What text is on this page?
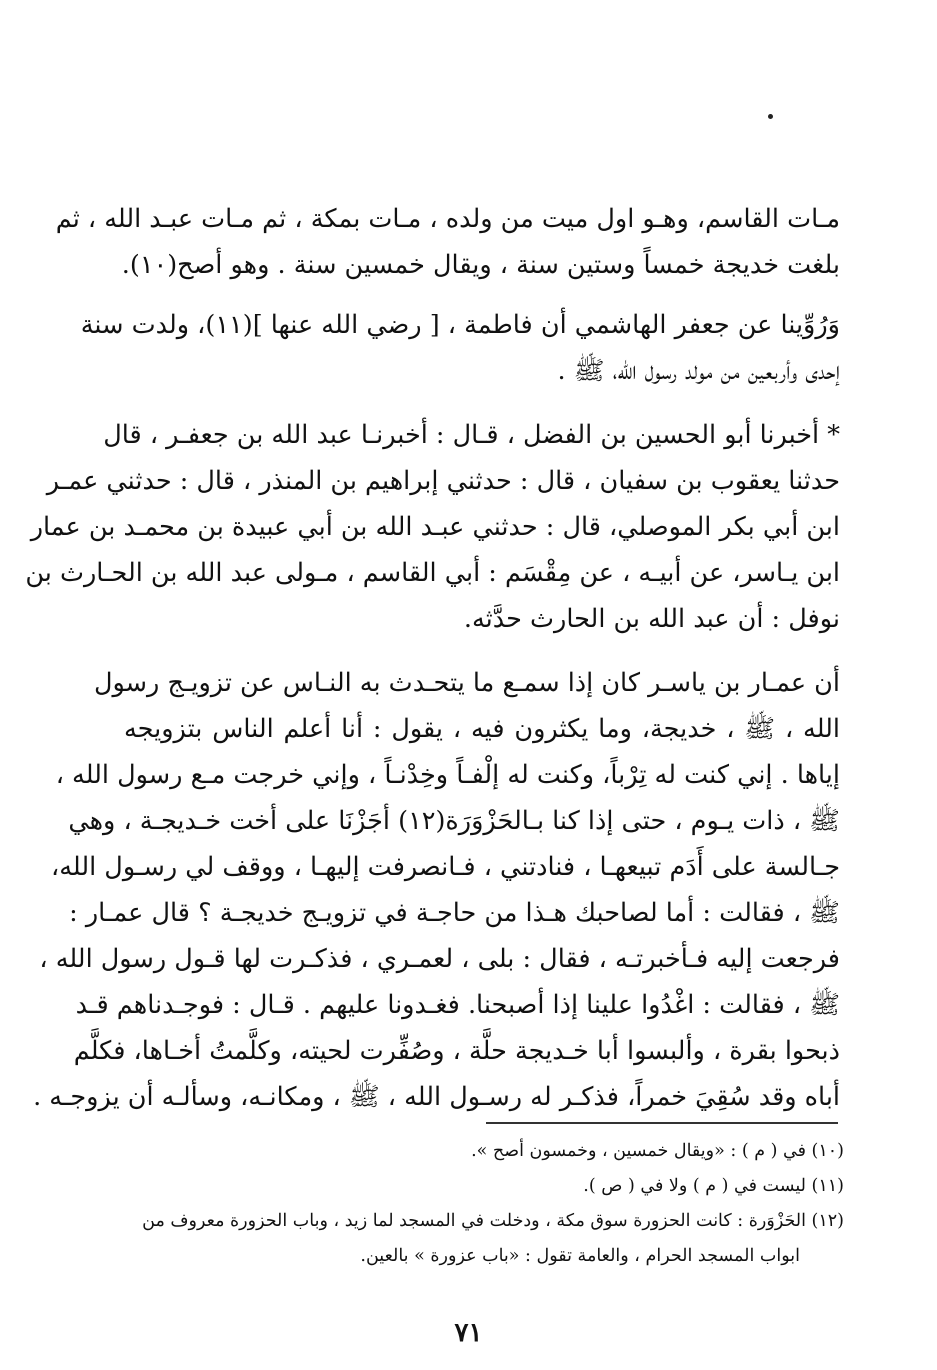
مـات القاسم، وهـو اول ميت من ولده ، مـات بمكة ، ثم مـات عبـد الله ، ثم
بلغت خديجة خمساً وستين سنة ، ويقال خمسين سنة . وهو أصح(١٠).
وَرُوِّينا عن جعفر الهاشمي أن فاطمة ، [ رضي الله عنها ](١١)، ولدت سنة
إحدى وأربعين من مولد رسول الله، ﷺ .
* أخبرنا أبو الحسين بن الفضل ، قـال : أخبرنـا عبد الله بن جعفـر ، قال
حدثنا يعقوب بن سفيان ، قال : حدثني إبراهيم بن المنذر ، قال : حدثني عمـر
ابن أبي بكر الموصلي، قال : حدثني عبـد الله بن أبي عبيدة بن محمـد بن عمار
ابن يـاسر، عن أبيـه ، عن مِقْسَم : أبي القاسم ، مـولى عبد الله بن الحـارث بن
نوفل : أن عبد الله بن الحارث حدَّثه.
أن عمـار بن ياسـر كان إذا سمـع ما يتحـدث به النـاس عن تزويـج رسول
الله ، ﷺ ، خديجة، وما يكثرون فيه ، يقول : أنا أعلم الناس بتزويجه
إياها . إني كنت له تِرْباً، وكنت له إلْفـاً وخِدْنـاً ، وإني خرجت مـع رسول الله ،
ﷺ ، ذات يـوم ، حتى إذا كنا بـالحَزْوَرَة(١٢) أجَزْنَا على أخت خـديجـة ، وهي
جـالسة على أَدَم تبيعهـا ، فنادتني ، فـانصرفت إليهـا ، ووقف لي رسـول الله،
ﷺ ، فقالت : أما لصاحبك هـذا من حاجـة في تزويـج خديجـة ؟ قال عمـار :
فرجعت إليه فـأخبرتـه ، فقال : بلى ، لعمـري ، فذكـرت لها قـول رسول الله ،
ﷺ ، فقالت : اغْدُوا علينا إذا أصبحنا. فغـدونا عليهم . قـال : فوجـدناهم قـد
ذبحوا بقرة ، وألبسوا أبا خـديجة حلَّة ، وصُفِّرت لحيته، وكلَّمتُ أخـاها، فكلَّم
أباه وقد سُقِيَ خمراً، فذكـر له رسـول الله ، ﷺ ، ومكانـه، وسألـه أن يزوجـه .
(١٠) في ( م ) : «ويقال خمسين ، وخمسون أصح ».
(١١) ليست في ( م ) ولا في ( ص ).
(١٢) الحَزْوَرة : كانت الحزورة سوق مكة ، ودخلت في المسجد لما زيد ، وباب الحزورة معروف من
ابواب المسجد الحرام ، والعامة تقول : «باب عزورة » بالعين.
٧١
